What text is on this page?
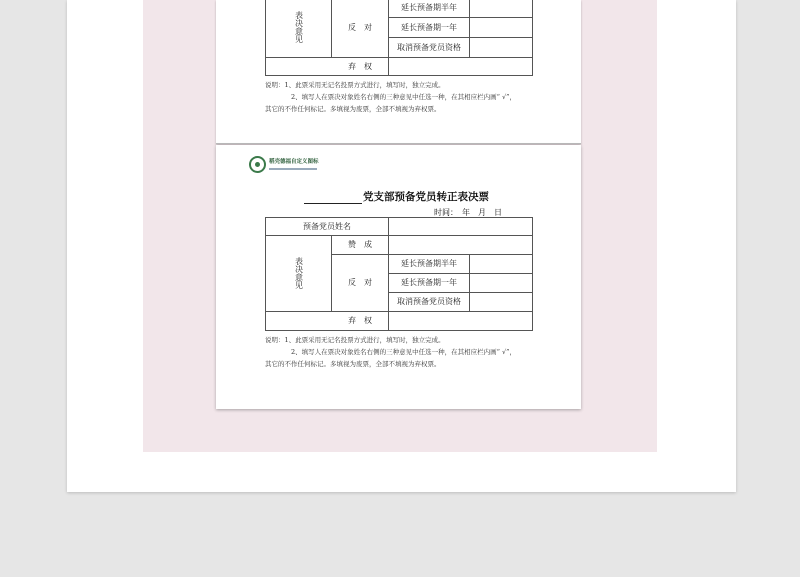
表决意见	反　对	延长预备期半年	
		延长预备期一年	
		取消预备党员资格	
弃　权			

说明：1、此票采用无记名投票方式进行，填写时，独立完成。

2、填写人在票决对象姓名右侧的三种意见中任选一种，在其相应栏内画“ √”，

其它的不作任何标记。多填视为废票，全部不填视为弃权票。

稻壳德福自定义图标
党支部预备党员转正表决票
时间：　年　月　日
预备党员姓名			
表决意见	赞　成		
	反　对	延长预备期半年	
		延长预备期一年	
		取消预备党员资格	
弃　权			

说明：1、此票采用无记名投票方式进行，填写时，独立完成。

2、填写人在票决对象姓名右侧的三种意见中任选一种，在其相应栏内画“ √”，

其它的不作任何标记。多填视为废票，全部不填视为弃权票。
